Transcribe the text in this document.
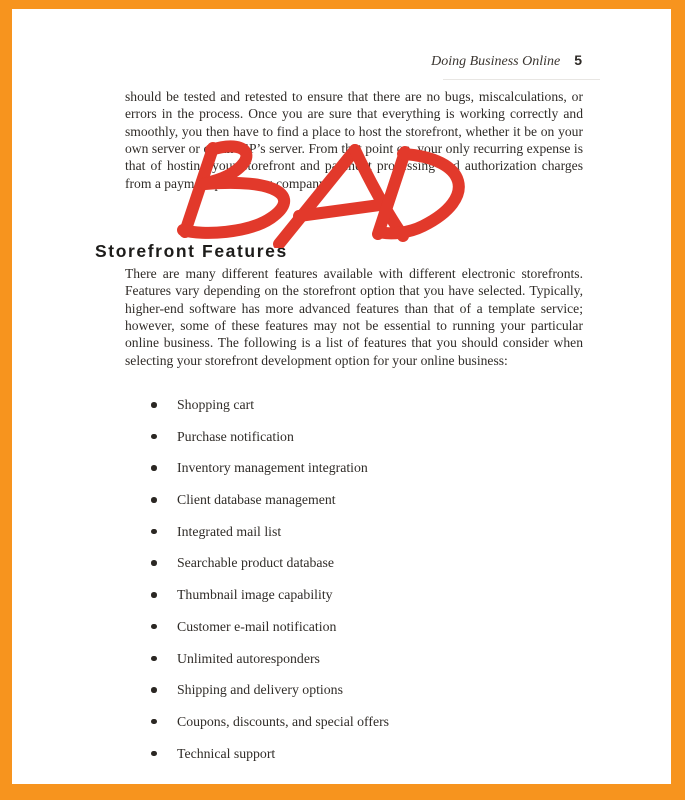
Doing Business Online 5

should be tested and retested to ensure that there are no bugs, miscalculations, or errors in the process. Once you are sure that everything is working correctly and smoothly, you then have to find a place to host the storefront, whether it be on your own server or on an ISP’s server. From that point on, your only recurring expense is that of hosting your storefront and payment processing and authorization charges from a payment processing company.

Storefront Features

There are many different features available with different electronic storefronts. Features vary depending on the storefront option that you have selected. Typically, higher-end software has more advanced features than that of a template service; however, some of these features may not be essential to running your particular online business. The following is a list of features that you should consider when selecting your storefront development option for your online business:

Shopping cart
Purchase notification
Inventory management integration
Client database management
Integrated mail list
Searchable product database
Thumbnail image capability
Customer e-mail notification
Unlimited autoresponders
Shipping and delivery options
Coupons, discounts, and special offers
Technical support
